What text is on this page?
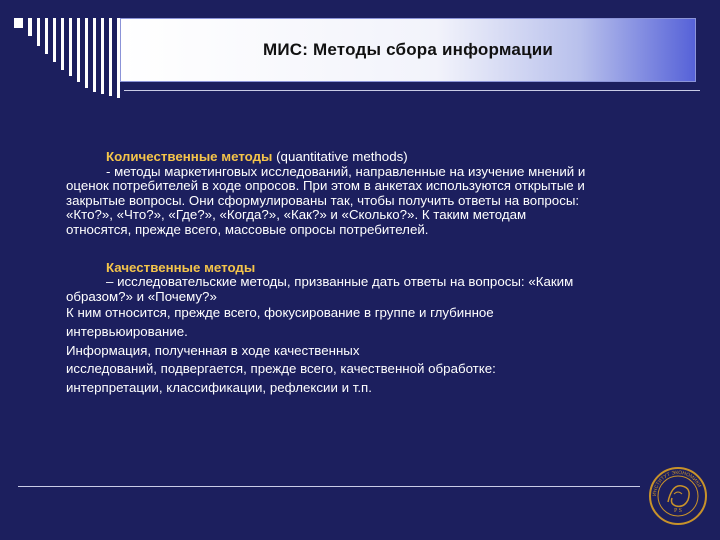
МИС: Методы сбора информации

Количественные методы (quantitative methods)

- методы маркетинговых исследований, направленные на изучение мнений и

оценок потребителей в ходе опросов. При этом в анкетах используются открытые и

закрытые вопросы. Они сформулированы так, чтобы получить ответы на вопросы:

«Кто?», «Что?», «Где?», «Когда?», «Как?» и «Сколько?». К таким методам

относятся, прежде всего, массовые опросы потребителей.

Качественные методы

– исследовательские методы, призванные дать ответы на вопросы: «Каким

образом?» и «Почему?»

К ним относится, прежде всего, фокусирование в группе и глубинное
интервьюирование.
Информация, полученная в ходе качественных
исследований, подвергается, прежде всего, качественной обработке:
интерпретации, классификации, рефлексии и т.п.
P S
ИНСТИТУТ ЭКОНОМИКИ
